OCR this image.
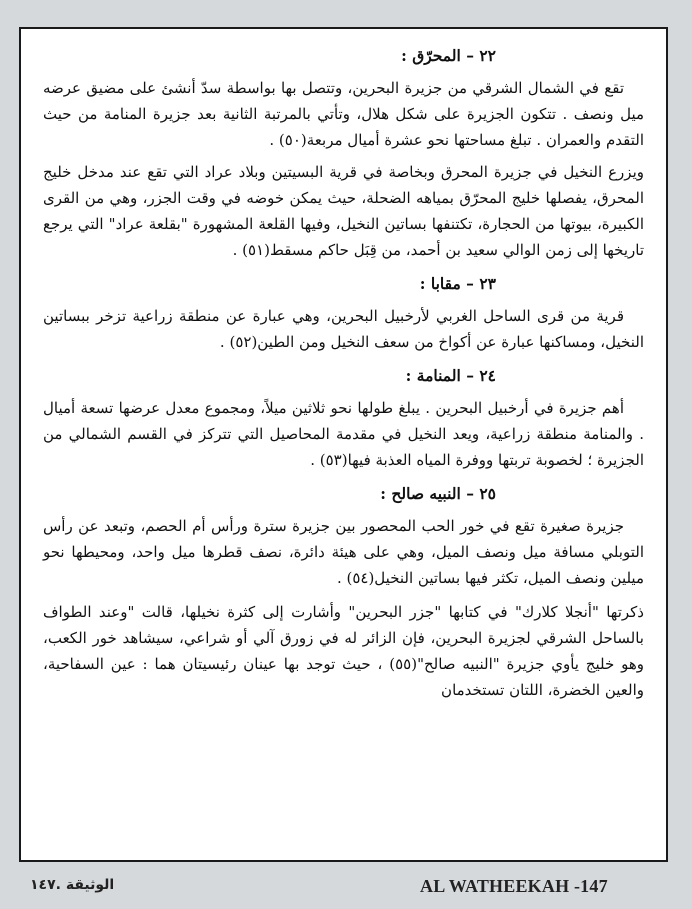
٢٢ – المحرّق :

تقع في الشمال الشرقي من جزيرة البحرين، وتتصل بها بواسطة سدّ أنشئ على مضيق عرضه ميل ونصف . تتكون الجزيرة على شكل هلال، وتأتي بالمرتبة الثانية بعد جزيرة المنامة من حيث التقدم والعمران . تبلغ مساحتها نحو عشرة أميال مربعة(٥٠) .

ويزرع النخيل في جزيرة المحرق وبخاصة في قرية البسيتين وبلاد عراد التي تقع عند مدخل خليج المحرق، يفصلها خليج المحرّق بمياهه الضحلة، حيث يمكن خوضه في وقت الجزر، وهي من القرى الكبيرة، بيوتها من الحجارة، تكتنفها بساتين النخيل، وفيها القلعة المشهورة "بقلعة عراد" التي يرجع تاريخها إلى زمن الوالي سعيد بن أحمد، من قِبَل حاكم مسقط(٥١) .

٢٣ – مقابا :

قرية من قرى الساحل الغربي لأرخبيل البحرين، وهي عبارة عن منطقة زراعية تزخر ببساتين النخيل، ومساكنها عبارة عن أكواخ من سعف النخيل ومن الطين(٥٢) .

٢٤ – المنامة :

أهم جزيرة في أرخبيل البحرين . يبلغ طولها نحو ثلاثين ميلاً، ومجموع معدل عرضها تسعة أميال . والمنامة منطقة زراعية، ويعد النخيل في مقدمة المحاصيل التي تتركز في القسم الشمالي من الجزيرة ؛ لخصوبة تربتها ووفرة المياه العذبة فيها(٥٣) .

٢٥ – النبيه صالح :

جزيرة صغيرة تقع في خور الحب المحصور بين جزيرة سترة ورأس أم الحصم، وتبعد عن رأس التوبلي مسافة ميل ونصف الميل، وهي على هيئة دائرة، نصف قطرها ميل واحد، ومحيطها نحو ميلين ونصف الميل، تكثر فيها بساتين النخيل(٥٤) .

ذكرتها "أنجلا كلارك" في كتابها "جزر البحرين" وأشارت إلى كثرة نخيلها، قالت "وعند الطواف بالساحل الشرقي لجزيرة البحرين، فإن الزائر له في زورق آلي أو شراعي، سيشاهد خور الكعب، وهو خليج يأوي جزيرة "النبيه صالح"(٥٥) ، حيث توجد بها عينان رئيسيتان هما : عين السفاحية، والعين الخضرة، اللتان تستخدمان

AL WATHEEKAH -147
الوثيقة .١٤٧
